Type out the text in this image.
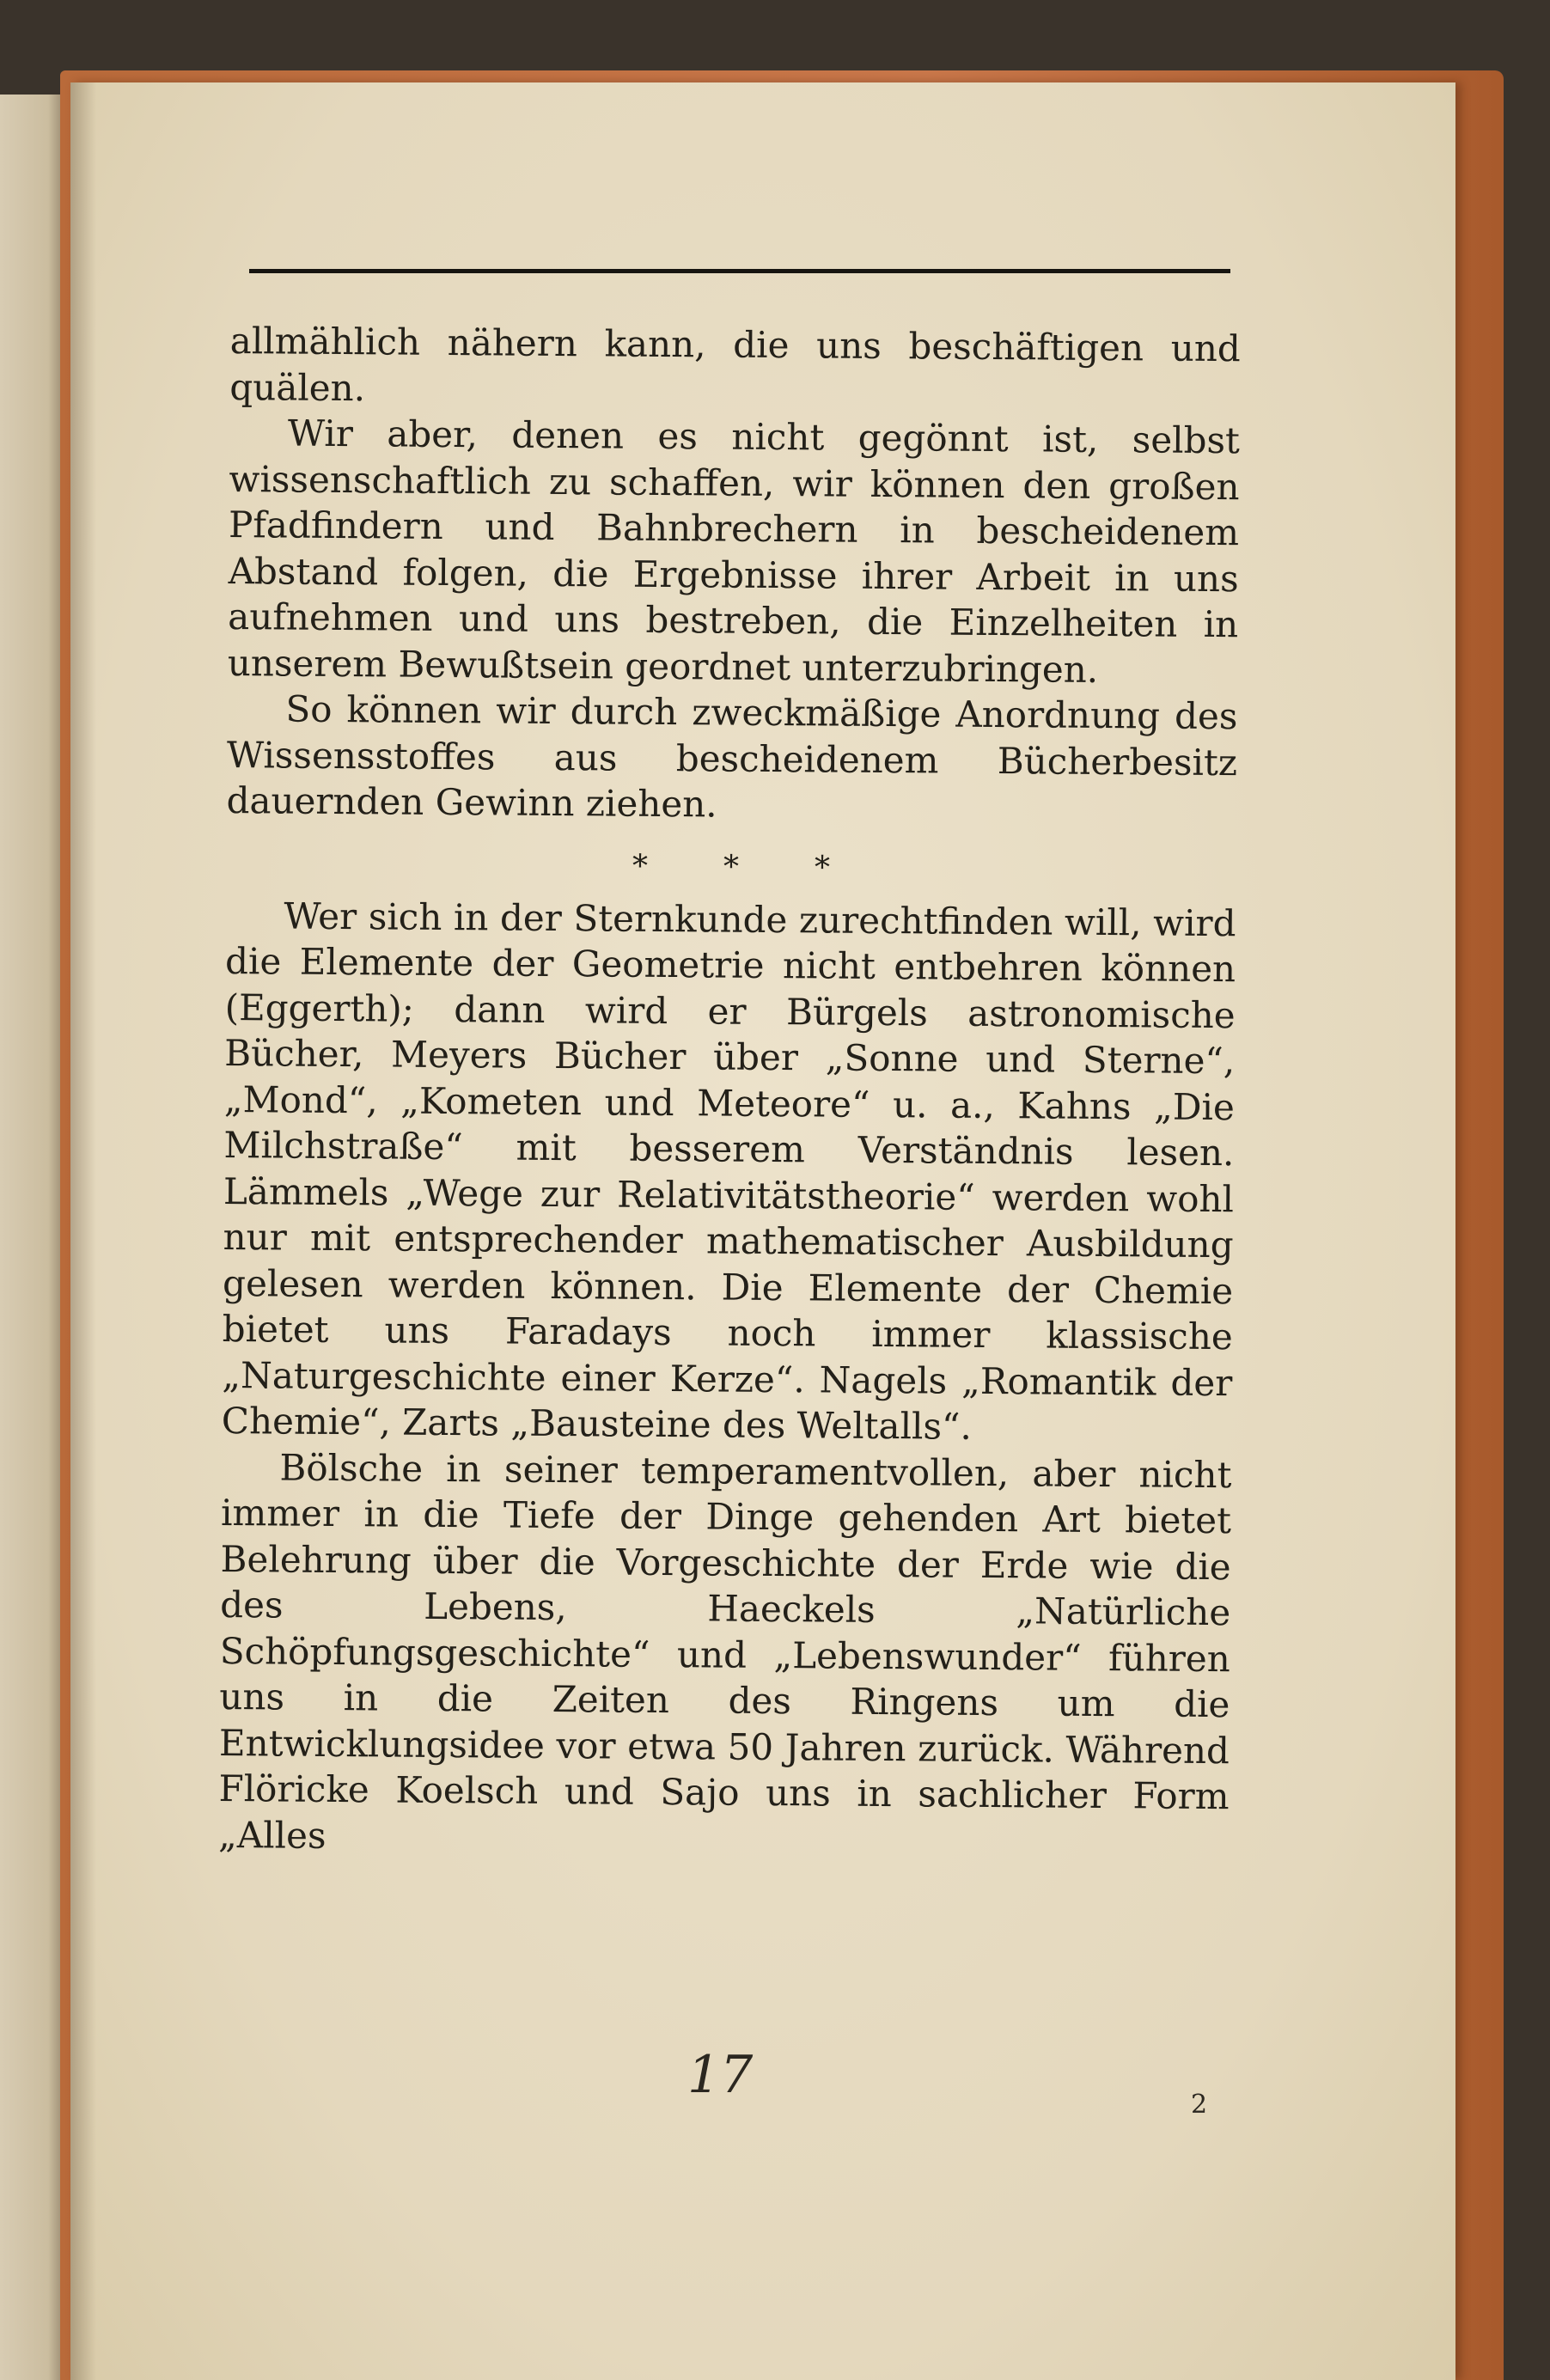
allmählich nähern kann, die uns beschäftigen und quälen.

Wir aber, denen es nicht gegönnt ist, selbst wissenschaftlich zu schaffen, wir können den großen Pfadfindern und Bahnbrechern in bescheidenem Abstand folgen, die Ergebnisse ihrer Arbeit in uns aufnehmen und uns bestreben, die Einzelheiten in unserem Bewußtsein geordnet unterzubringen.

So können wir durch zweckmäßige Anordnung des Wissensstoffes aus bescheidenem Bücherbesitz dauernden Gewinn ziehen.

* * *

Wer sich in der Sternkunde zurechtfinden will, wird die Elemente der Geometrie nicht entbehren können (Eggerth); dann wird er Bürgels astronomische Bücher, Meyers Bücher über „Sonne und Sterne“, „Mond“, „Kometen und Meteore“ u. a., Kahns „Die Milchstraße“ mit besserem Verständnis lesen. Lämmels „Wege zur Relativitätstheorie“ werden wohl nur mit entsprechender mathematischer Ausbildung gelesen werden können. Die Elemente der Chemie bietet uns Faradays noch immer klassische „Naturgeschichte einer Kerze“. Nagels „Romantik der Chemie“, Zarts „Bausteine des Weltalls“.

Bölsche in seiner temperamentvollen, aber nicht immer in die Tiefe der Dinge gehenden Art bietet Belehrung über die Vorgeschichte der Erde wie die des Lebens, Haeckels „Natürliche Schöpfungsgeschichte“ und „Lebenswunder“ führen uns in die Zeiten des Ringens um die Entwicklungsidee vor etwa 50 Jahren zurück. Während Flöricke Koelsch und Sajo uns in sachlicher Form „Alles

17	2
